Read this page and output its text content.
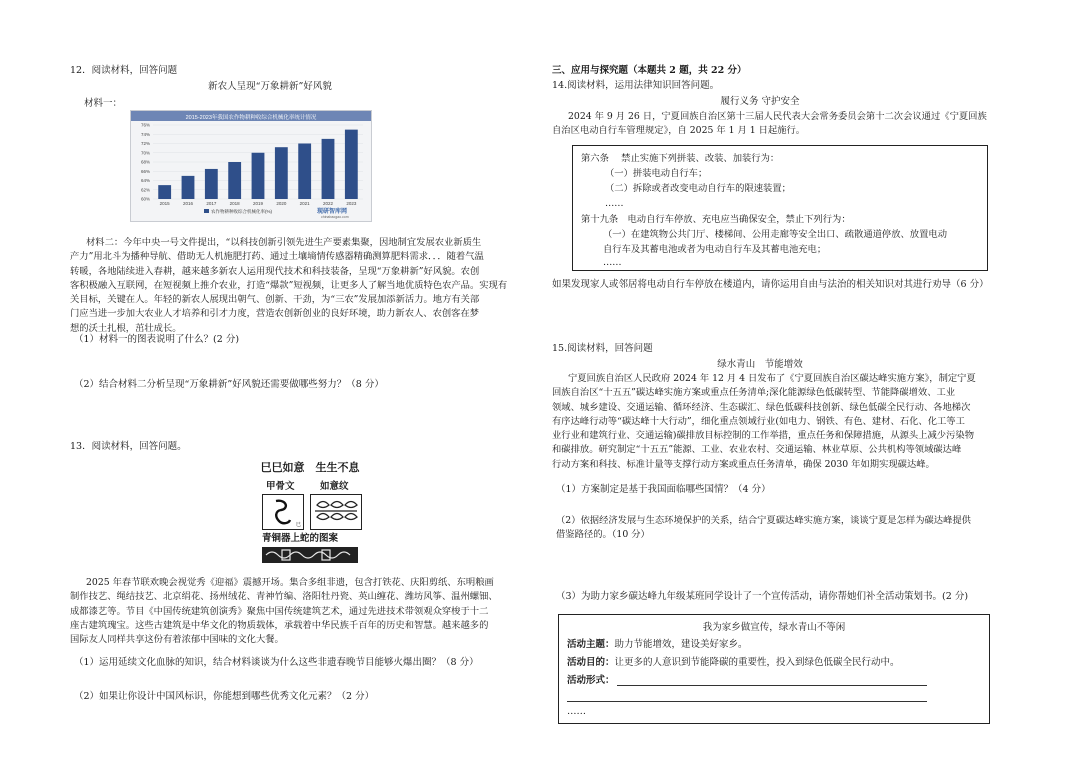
12．阅读材料，回答问题
新农人呈现“万象耕新”好风貌
材料一：
2015-2023年我国农作物耕种收综合机械化率统计情况
76%
74%
72%
70%
68%
66%
64%
62%
60%
2015	2016	2017	2018	2019	2020	2021	2022	2023
农作物耕种收综合机械化率(%)	现研智库网
chinabaogao.com
材料二：今年中央一号文件提出，“以科技创新引领先进生产要素集聚，因地制宜发展农业新质生
产力”用北斗为播种导航、借助无人机施肥打药、通过土壤墒情传感器精确测算肥料需求．．．随着气温
转暖，各地陆续进入春耕，越来越多新农人运用现代技术和科技装备，呈现“万象耕新”好风貌。农创
客积极融入互联网，在短视频上推介农业，打造“爆款”短视频，让更多人了解当地优质特色农产品。实现有
关目标，关键在人。年轻的新农人展现出朝气、创新、干劲，为“三农”发展加添新活力。地方有关部
门应当进一步加大农业人才培养和引才力度，营造农创新创业的良好环境，助力新农人、农创客在梦
想的沃土扎根，茁壮成长。
（1）材料一的图表说明了什么？(2 分)
（2）结合材料二分析呈现“万象耕新”好风貌还需要做哪些努力？（8 分）
13．阅读材料，回答问题。
巳巳如意　生生不息
甲骨文	如意纹
巳
青铜器上蛇的图案
2025 年春节联欢晚会视觉秀《迎福》震撼开场。集合多组非遗，包含打铁花、庆阳剪纸、东明粮画
制作技艺、绳结技艺、北京绢花、扬州绒花、青神竹编、洛阳牡丹瓷、英山缠花、潍坊风筝、温州螺钿、
成都漆艺等。节目《中国传统建筑创演秀》聚焦中国传统建筑艺术，通过先进技术带领观众穿梭于十二
座古建筑瑰宝。这些古建筑是中华文化的物质载体，承载着中华民族千百年的历史和智慧。越来越多的
国际友人同样共享这份有着浓郁中国味的文化大餐。
（1）运用延续文化血脉的知识，结合材料谈谈为什么这些非遗春晚节目能够火爆出圈？（8 分）
（2）如果让你设计中国风标识，你能想到哪些优秀文化元素？（2 分）
三、应用与探究题（本题共 2 题，共 22 分）
14.阅读材料，运用法律知识回答问题。
履行义务 守护安全
2024 年 9 月 26 日，宁夏回族自治区第十三届人民代表大会常务委员会第十二次会议通过《宁夏回族
自治区电动自行车管理规定》，自 2025 年 1 月 1 日起施行。
第六条　 禁止实施下列拼装、改装、加装行为：
（一）拼装电动自行车；
（二）拆除或者改变电动自行车的限速装置；
……
第十九条　电动自行车停放、充电应当确保安全，禁止下列行为：
（一）在建筑物公共门厅、楼梯间、公用走廊等安全出口、疏散通道停放、放置电动
自行车及其蓄电池或者为电动自行车及其蓄电池充电；
……
如果发现家人或邻居将电动自行车停放在楼道内，请你运用自由与法治的相关知识对其进行劝导（6 分）
15.阅读材料，回答问题
绿水青山　节能增效
宁夏回族自治区人民政府 2024 年 12 月 4 日发布了《宁夏回族自治区碳达峰实施方案》，制定宁夏
回族自治区“十五五”碳达峰实施方案或重点任务清单;深化能源绿色低碳转型、节能降碳增效、工业
领域、城乡建设、交通运输、循环经济、生态碳汇、绿色低碳科技创新、绿色低碳全民行动、各地梯次
有序达峰行动等“碳达峰十大行动”，细化重点领域行业(如电力、钢铁、有色、建材、石化、化工等工
业行业和建筑行业、交通运输)碳排放目标控制的工作举措，重点任务和保障措施，从源头上减少污染物
和碳排放。研究制定“十五五”能源、工业、农业农村、交通运输、林业草原、公共机构等领域碳达峰
行动方案和科技、标准计量等支撑行动方案或重点任务清单，确保 2030 年如期实现碳达峰。
（1）方案制定是基于我国面临哪些国情？（4 分）
（2）依据经济发展与生态环境保护的关系，结合宁夏碳达峰实施方案，谈谈宁夏是怎样为碳达峰提供
借鉴路径的。（10 分）
（3）为助力家乡碳达峰九年级某班同学设计了一个宣传活动，请你帮她们补全活动策划书。(2 分)
我为家乡做宣传，绿水青山不等闲
活动主题：助力节能增效，建设美好家乡。
活动目的：让更多的人意识到节能降碳的重要性，投入到绿色低碳全民行动中。
活动形式：
……
